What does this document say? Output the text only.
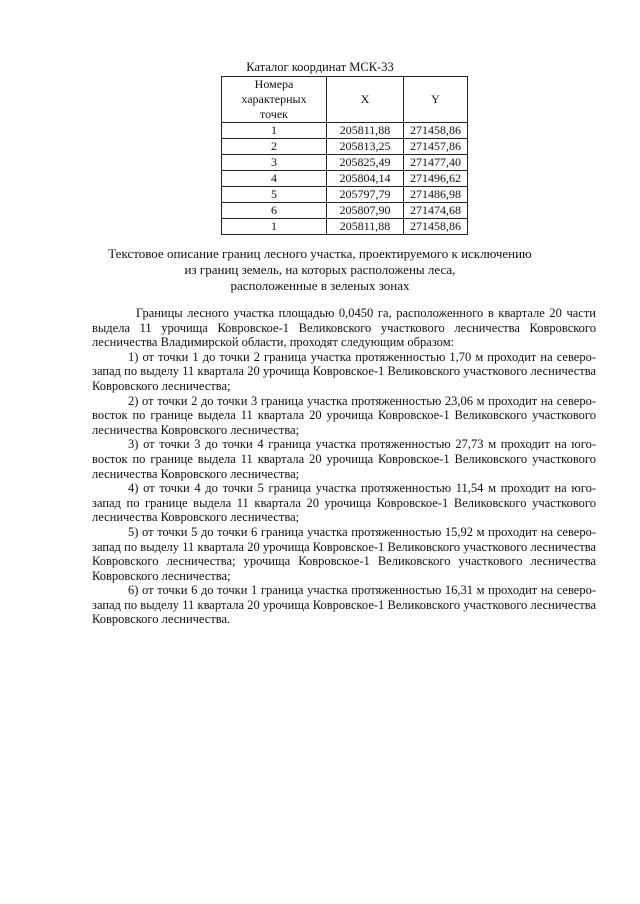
Каталог координат МСК-33
Номера характерных точек	X	Y
1	205811,88	271458,86
2	205813,25	271457,86
3	205825,49	271477,40
4	205804,14	271496,62
5	205797,79	271486,98
6	205807,90	271474,68
1	205811,88	271458,86
Текстовое описание границ лесного участка, проектируемого к исключению
из границ земель, на которых расположены леса,
расположенные в зеленых зонах

Границы лесного участка площадью 0,0450 га, расположенного в квартале 20 части выдела 11 урочища Ковровское-1 Великовского участкового лесничества Ковровского лесничества Владимирской области, проходят следующим образом:

1) от точки 1 до точки 2 граница участка протяженностью 1,70 м проходит на северо-запад по выделу 11 квартала 20 урочища Ковровское-1 Великовского участкового лесничества Ковровского лесничества;

2) от точки 2 до точки 3 граница участка протяженностью 23,06 м проходит на северо-восток по границе выдела 11 квартала 20 урочища Ковровское-1 Великовского участкового лесничества Ковровского лесничества;

3) от точки 3 до точки 4 граница участка протяженностью 27,73 м проходит на юго-восток по границе выдела 11 квартала 20 урочища Ковровское-1 Великовского участкового лесничества Ковровского лесничества;

4) от точки 4 до точки 5 граница участка протяженностью 11,54 м проходит на юго-запад по границе выдела 11 квартала 20 урочища Ковровское-1 Великовского участкового лесничества Ковровского лесничества;

5) от точки 5 до точки 6 граница участка протяженностью 15,92 м проходит на северо-запад по выделу 11 квартала 20 урочища Ковровское-1 Великовского участкового лесничества Ковровского лесничества; урочища Ковровское-1 Великовского участкового лесничества Ковровского лесничества;

6) от точки 6 до точки 1 граница участка протяженностью 16,31 м проходит на северо-запад по выделу 11 квартала 20 урочища Ковровское-1 Великовского участкового лесничества Ковровского лесничества.
